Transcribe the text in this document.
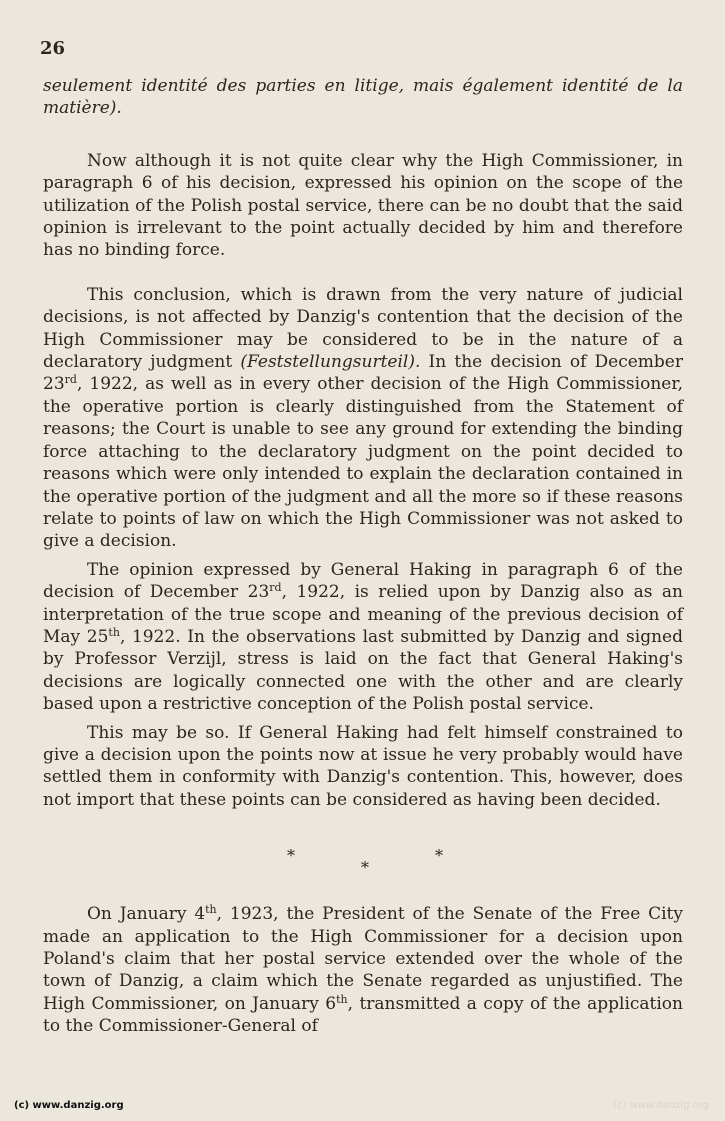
26

seulement identité des parties en litige, mais également identité de la matière).

Now although it is not quite clear why the High Commissioner, in paragraph 6 of his decision, expressed his opinion on the scope of the utilization of the Polish postal service, there can be no doubt that the said opinion is irrelevant to the point actually decided by him and therefore has no binding force.

This conclusion, which is drawn from the very nature of judicial decisions, is not affected by Danzig's contention that the decision of the High Commissioner may be considered to be in the nature of a declaratory judgment (Feststellungsurteil). In the decision of December 23rd, 1922, as well as in every other decision of the High Commissioner, the operative portion is clearly distinguished from the Statement of reasons; the Court is unable to see any ground for extending the binding force attaching to the declaratory judgment on the point decided to reasons which were only intended to explain the declaration contained in the operative portion of the judgment and all the more so if these reasons relate to points of law on which the High Commissioner was not asked to give a decision.

The opinion expressed by General Haking in paragraph 6 of the decision of December 23rd, 1922, is relied upon by Danzig also as an interpretation of the true scope and meaning of the previous decision of May 25th, 1922. In the observations last submitted by Danzig and signed by Professor Verzijl, stress is laid on the fact that General Haking's decisions are logically connected one with the other and are clearly based upon a restrictive conception of the Polish postal service.

This may be so. If General Haking had felt himself constrained to give a decision upon the points now at issue he very probably would have settled them in conformity with Danzig's contention. This, however, does not import that these points can be considered as having been decided.

*
*
*

On January 4th, 1923, the President of the Senate of the Free City made an application to the High Commissioner for a decision upon Poland's claim that her postal service extended over the whole of the town of Danzig, a claim which the Senate regarded as unjustified. The High Commissioner, on January 6th, transmitted a copy of the application to the Commissioner-General of

(c) www.danzig.org	(c) www.danzig.org
